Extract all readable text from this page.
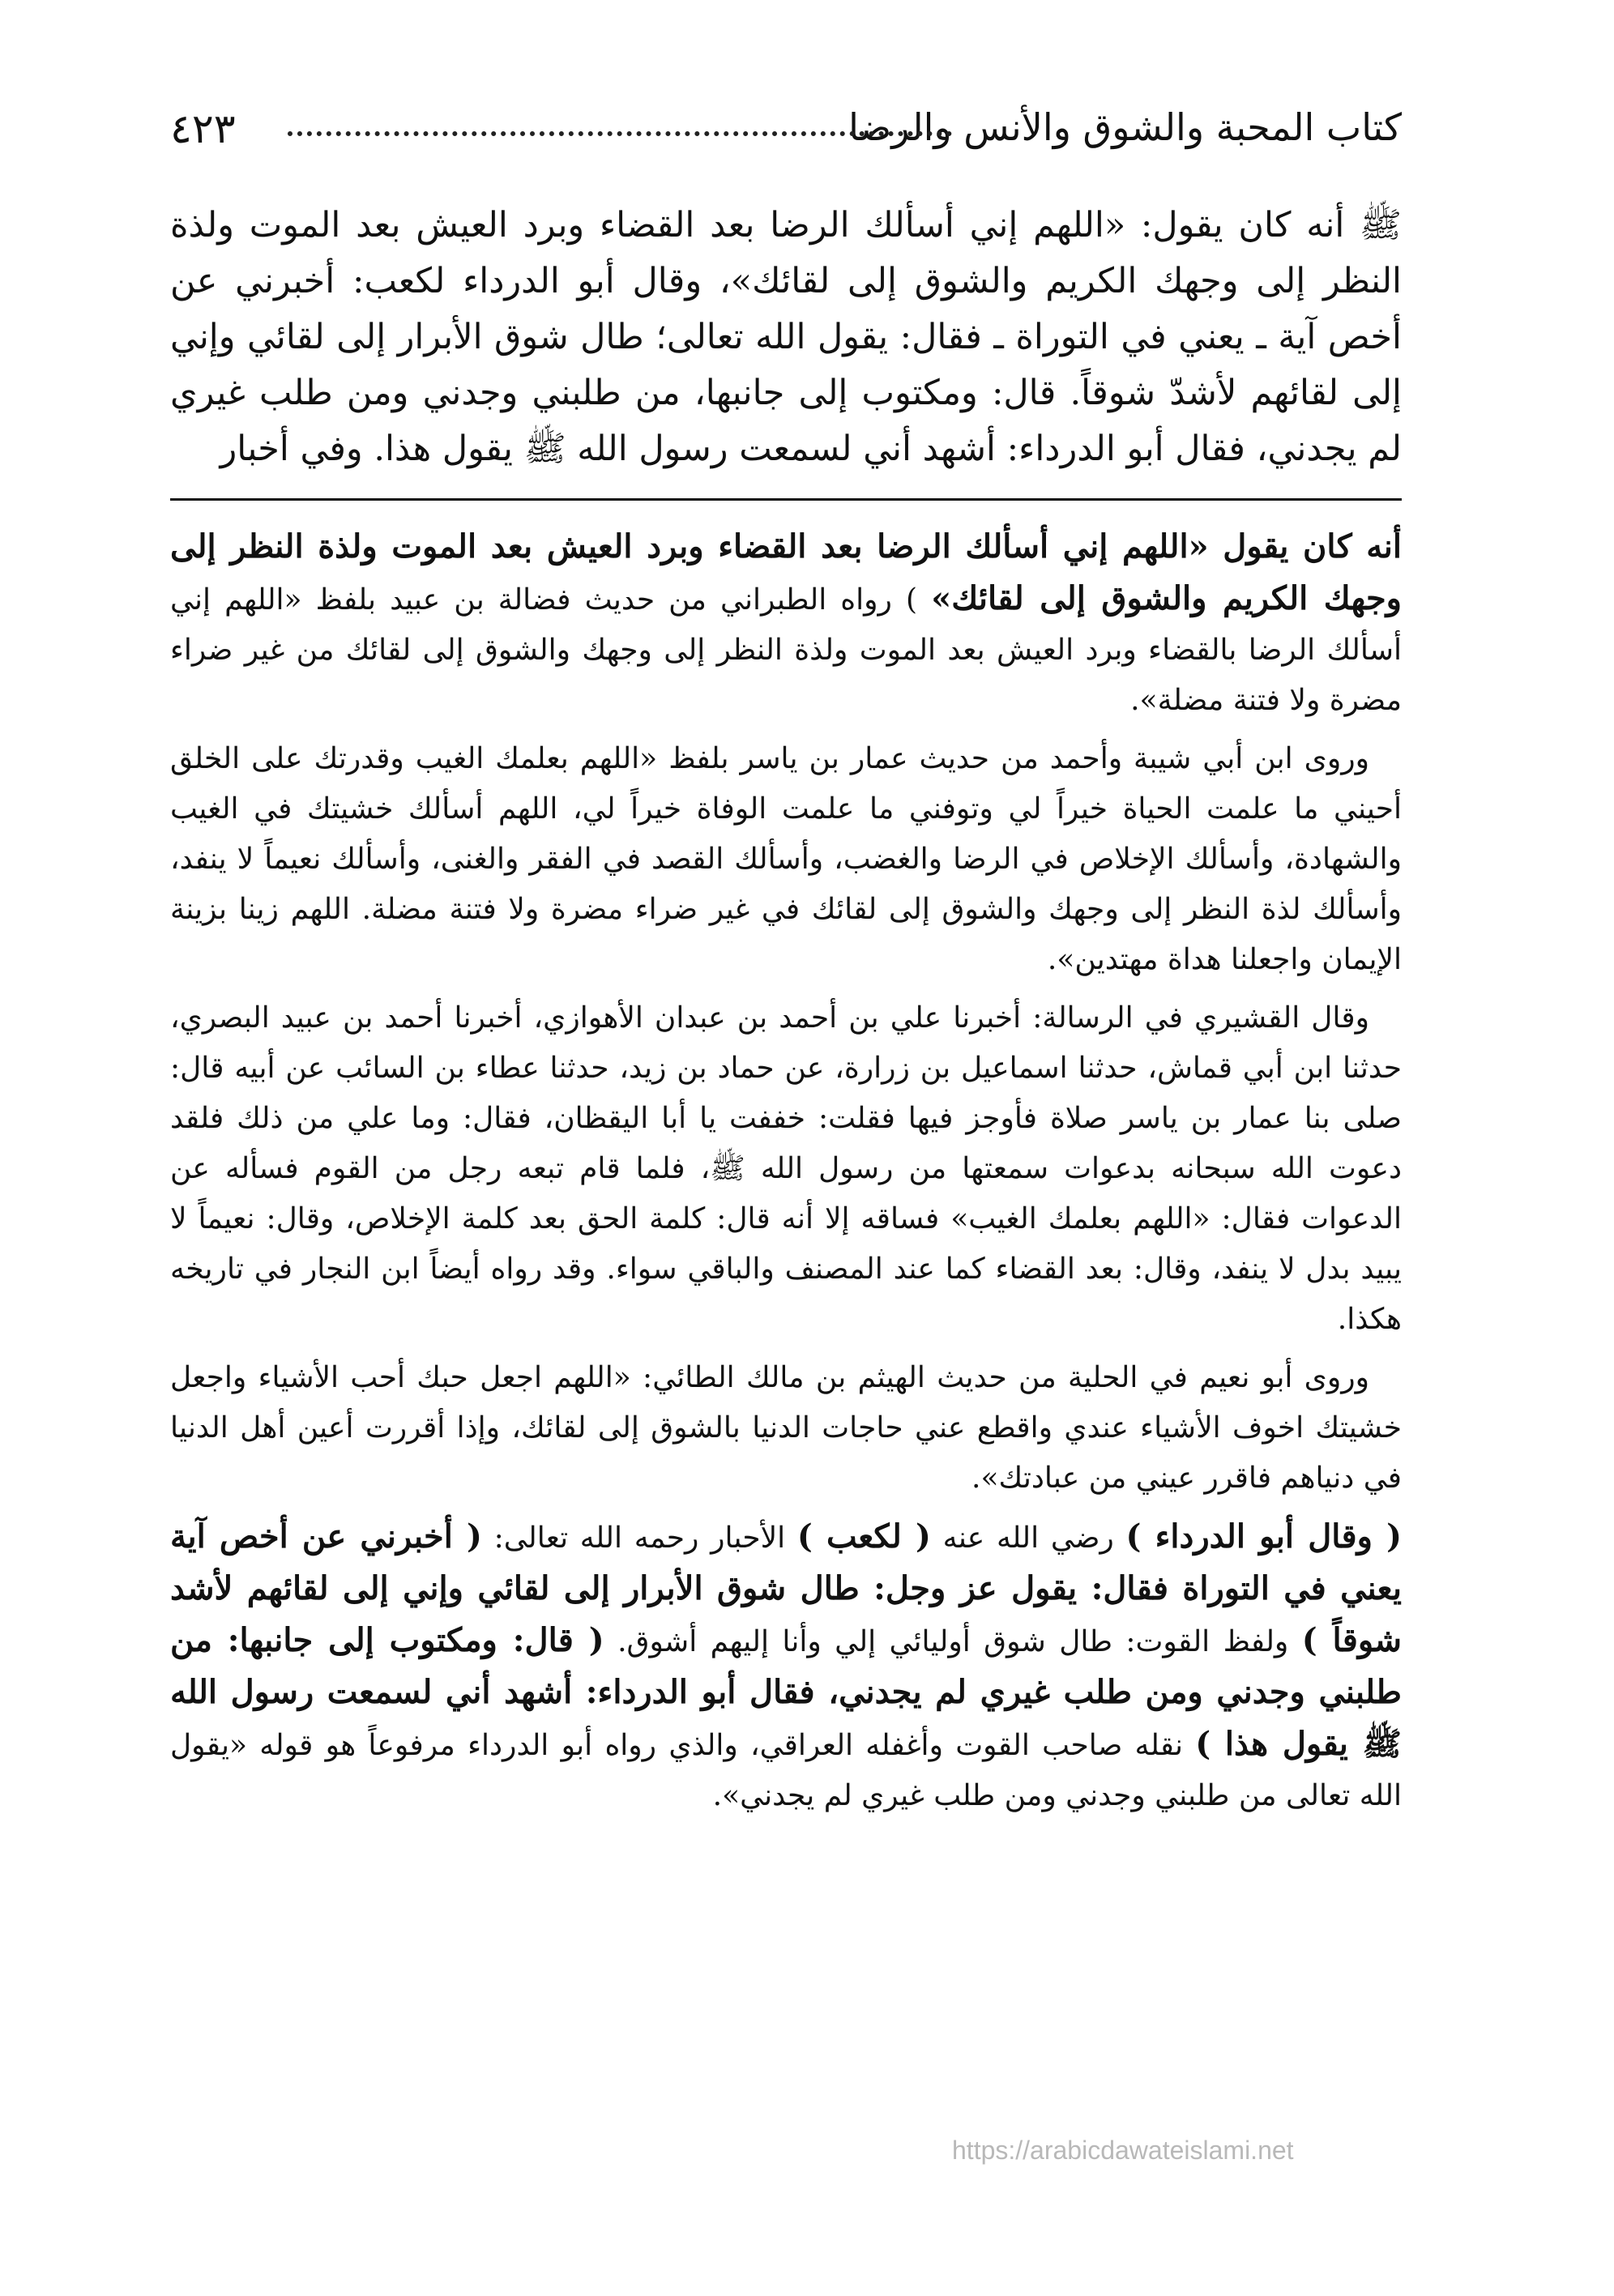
كتاب المحبة والشوق والأنس والرضا
٤٢٣
ﷺ أنه كان يقول: «اللهم إني أسألك الرضا بعد القضاء وبرد العيش بعد الموت ولذة النظر إلى وجهك الكريم والشوق إلى لقائك»، وقال أبو الدرداء لكعب: أخبرني عن أخص آية ـ يعني في التوراة ـ فقال: يقول الله تعالى؛ طال شوق الأبرار إلى لقائي وإني إلى لقائهم لأشدّ شوقاً. قال: ومكتوب إلى جانبها، من طلبني وجدني ومن طلب غيري لم يجدني، فقال أبو الدرداء: أشهد أني لسمعت رسول الله ﷺ يقول هذا. وفي أخبار

أنه كان يقول «اللهم إني أسألك الرضا بعد القضاء وبرد العيش بعد الموت ولذة النظر إلى وجهك الكريم والشوق إلى لقائك» ) رواه الطبراني من حديث فضالة بن عبيد بلفظ «اللهم إني أسألك الرضا بالقضاء وبرد العيش بعد الموت ولذة النظر إلى وجهك والشوق إلى لقائك من غير ضراء مضرة ولا فتنة مضلة».

وروى ابن أبي شيبة وأحمد من حديث عمار بن ياسر بلفظ «اللهم بعلمك الغيب وقدرتك على الخلق أحيني ما علمت الحياة خيراً لي وتوفني ما علمت الوفاة خيراً لي، اللهم أسألك خشيتك في الغيب والشهادة، وأسألك الإخلاص في الرضا والغضب، وأسألك القصد في الفقر والغنى، وأسألك نعيماً لا ينفد، وأسألك لذة النظر إلى وجهك والشوق إلى لقائك في غير ضراء مضرة ولا فتنة مضلة. اللهم زينا بزينة الإيمان واجعلنا هداة مهتدين».

وقال القشيري في الرسالة: أخبرنا علي بن أحمد بن عبدان الأهوازي، أخبرنا أحمد بن عبيد البصري، حدثنا ابن أبي قماش، حدثنا اسماعيل بن زرارة، عن حماد بن زيد، حدثنا عطاء بن السائب عن أبيه قال: صلى بنا عمار بن ياسر صلاة فأوجز فيها فقلت: خففت يا أبا اليقظان، فقال: وما علي من ذلك فلقد دعوت الله سبحانه بدعوات سمعتها من رسول الله ﷺ، فلما قام تبعه رجل من القوم فسأله عن الدعوات فقال: «اللهم بعلمك الغيب» فساقه إلا أنه قال: كلمة الحق بعد كلمة الإخلاص، وقال: نعيماً لا يبيد بدل لا ينفد، وقال: بعد القضاء كما عند المصنف والباقي سواء. وقد رواه أيضاً ابن النجار في تاريخه هكذا.

وروى أبو نعيم في الحلية من حديث الهيثم بن مالك الطائي: «اللهم اجعل حبك أحب الأشياء واجعل خشيتك اخوف الأشياء عندي واقطع عني حاجات الدنيا بالشوق إلى لقائك، وإذا أقررت أعين أهل الدنيا في دنياهم فاقرر عيني من عبادتك».

( وقال أبو الدرداء ) رضي الله عنه ( لكعب ) الأحبار رحمه الله تعالى: ( أخبرني عن أخص آية يعني في التوراة فقال: يقول عز وجل: طال شوق الأبرار إلى لقائي وإني إلى لقائهم لأشد شوقاً ) ولفظ القوت: طال شوق أوليائي إلي وأنا إليهم أشوق. ( قال: ومكتوب إلى جانبها: من طلبني وجدني ومن طلب غيري لم يجدني، فقال أبو الدرداء: أشهد أني لسمعت رسول الله ﷺ يقول هذا ) نقله صاحب القوت وأغفله العراقي، والذي رواه أبو الدرداء مرفوعاً هو قوله «يقول الله تعالى من طلبني وجدني ومن طلب غيري لم يجدني».

https://arabicdawateislami.net
